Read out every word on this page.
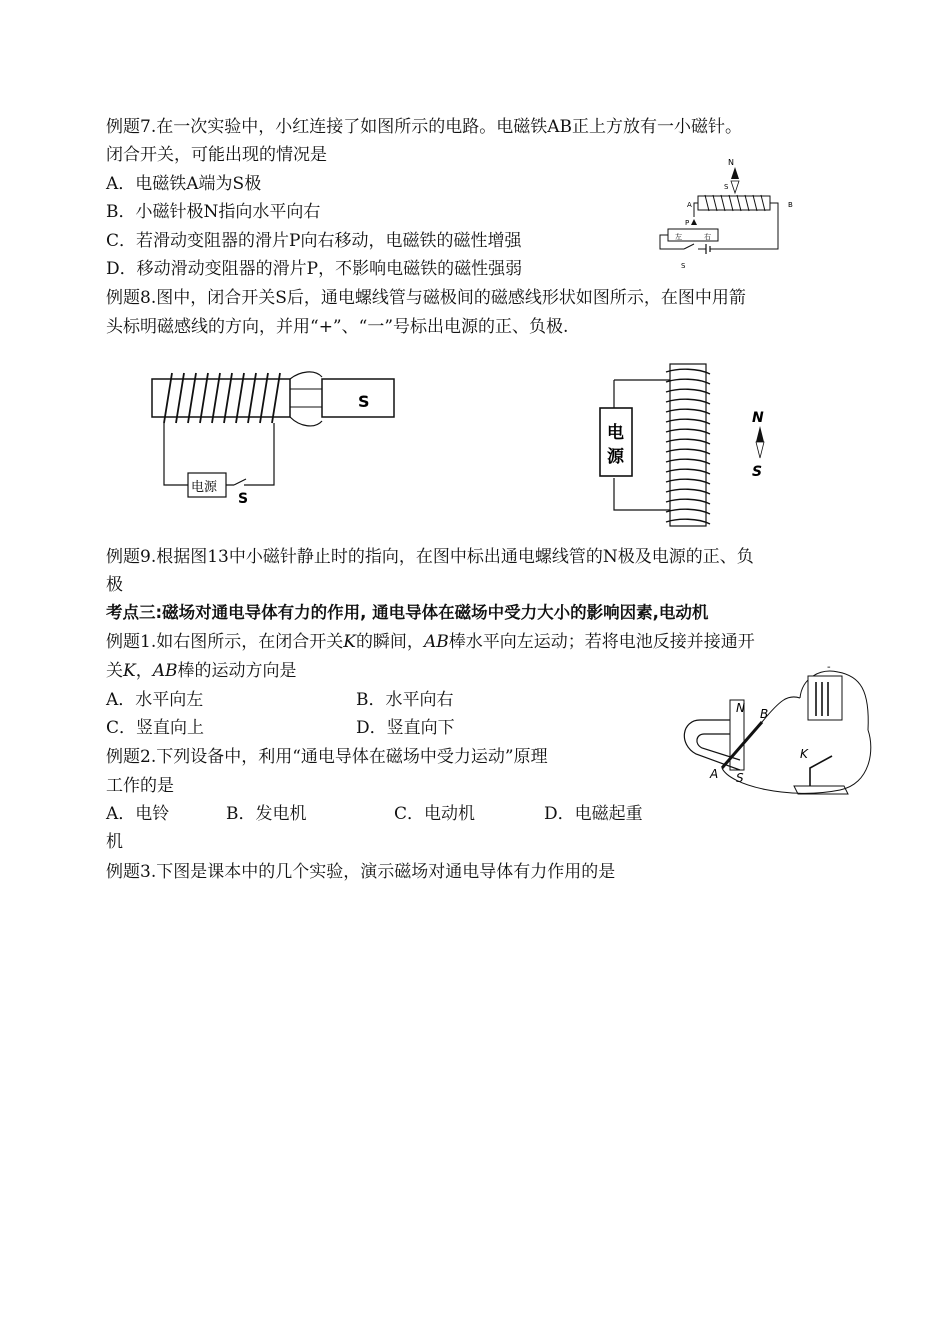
例题7.在一次实验中，小红连接了如图所示的电路。电磁铁AB正上方放有一小磁针。
闭合开关，可能出现的情况是
A．电磁铁A端为S极
B．小磁针极N指向水平向右
C．若滑动变阻器的滑片P向右移动，电磁铁的磁性增强
D．移动滑动变阻器的滑片P，不影响电磁铁的磁性强弱
N
S
A	B
P
左	右
S
例题8.图中，闭合开关S后，通电螺线管与磁极间的磁感线形状如图所示，在图中用箭
头标明磁感线的方向，并用“+”、“一”号标出电源的正、负极.
S
电源
S
电
源
N
S
例题9.根据图13中小磁针静止时的指向，在图中标出通电螺线管的N极及电源的正、负
极
考点三:磁场对通电导体有力的作用, 通电导体在磁场中受力大小的影响因素,电动机
例题1.如右图所示，在闭合开关K的瞬间，AB棒水平向左运动；若将电池反接并接通开
关K，AB棒的运动方向是
A．水平向左	B．水平向右
C．竖直向上	D．竖直向下
N B
A S
-
K
例题2.下列设备中，利用“通电导体在磁场中受力运动”原理
工作的是
A．电铃	B．发电机	C．电动机	D．电磁起重
机
例题3.下图是课本中的几个实验，演示磁场对通电导体有力作用的是
